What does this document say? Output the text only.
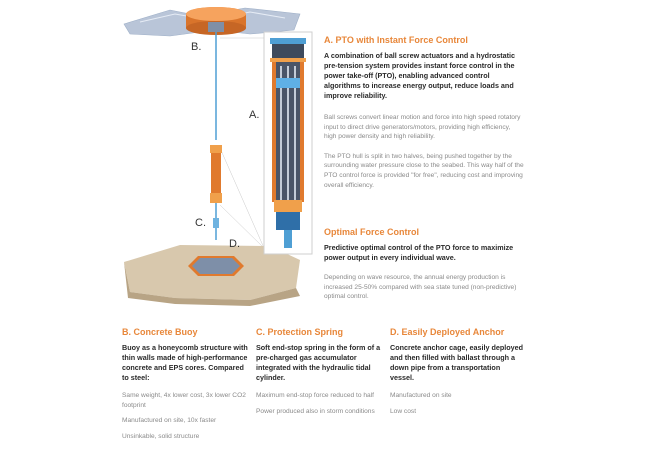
B.
A.
C.
D.

A. PTO with Instant Force Control

A combination of ball screw actuators and a hydrostatic pre-tension system provides instant force control in the power take-off (PTO), enabling advanced control algorithms to increase energy output, reduce loads and improve reliability.

Ball screws convert linear motion and force into high speed rotatory input to direct drive generators/motors, providing high efficiency, high power density and high reliability.

The PTO hull is split in two halves, being pushed together by the surrounding water pressure close to the seabed. This way half of the PTO control force is provided "for free", reducing cost and improving overall efficiency.

Optimal Force Control

Predictive optimal control of the PTO force to maximize power output in every individual wave.

Depending on wave resource, the annual energy production is increased 25-50% compared with sea state tuned (non-predictive) optimal control.

B. Concrete Buoy

Buoy as a honeycomb structure with thin walls made of high-performance concrete and EPS cores. Compared to steel:

Same weight, 4x lower cost, 3x lower CO2 footprint

Manufactured on site, 10x faster

Unsinkable, solid structure

C. Protection Spring

Soft end-stop spring in the form of a pre-charged gas accumulator integrated with the hydraulic tidal cylinder.

Maximum end-stop force reduced to half

Power produced also in storm conditions

D. Easily Deployed Anchor

Concrete anchor cage, easily deployed and then filled with ballast through a down pipe from a transportation vessel.

Manufactured on site

Low cost
